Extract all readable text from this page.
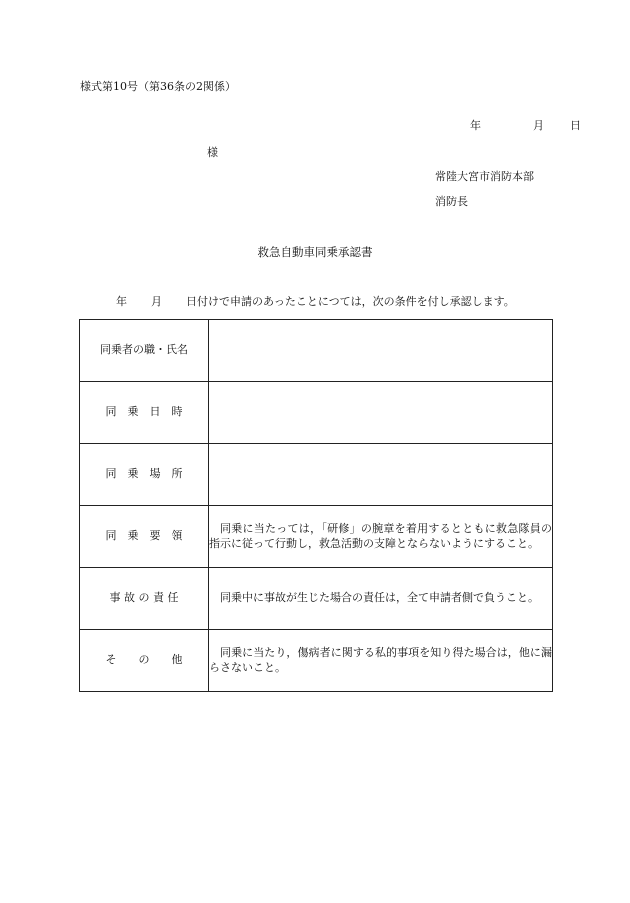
様式第10号（第36条の2関係）
年	月 日
様
常陸大宮市消防本部
消防長
救急自動車同乗承認書
年 月 日付けで申請のあったことにつては，次の条件を付し承認します。
同乗者の職・氏名	
同　乗　日　時	
同　乗　場　所	
同　乗　要　領	同乗に当たっては，「研修」の腕章を着用するとともに救急隊員の指示に従って行動し，救急活動の支障とならないようにすること。
事 故 の 責 任	同乗中に事故が生じた場合の責任は，全て申請者側で負うこと。
そ　　の　　他	同乗に当たり，傷病者に関する私的事項を知り得た場合は，他に漏らさないこと。
